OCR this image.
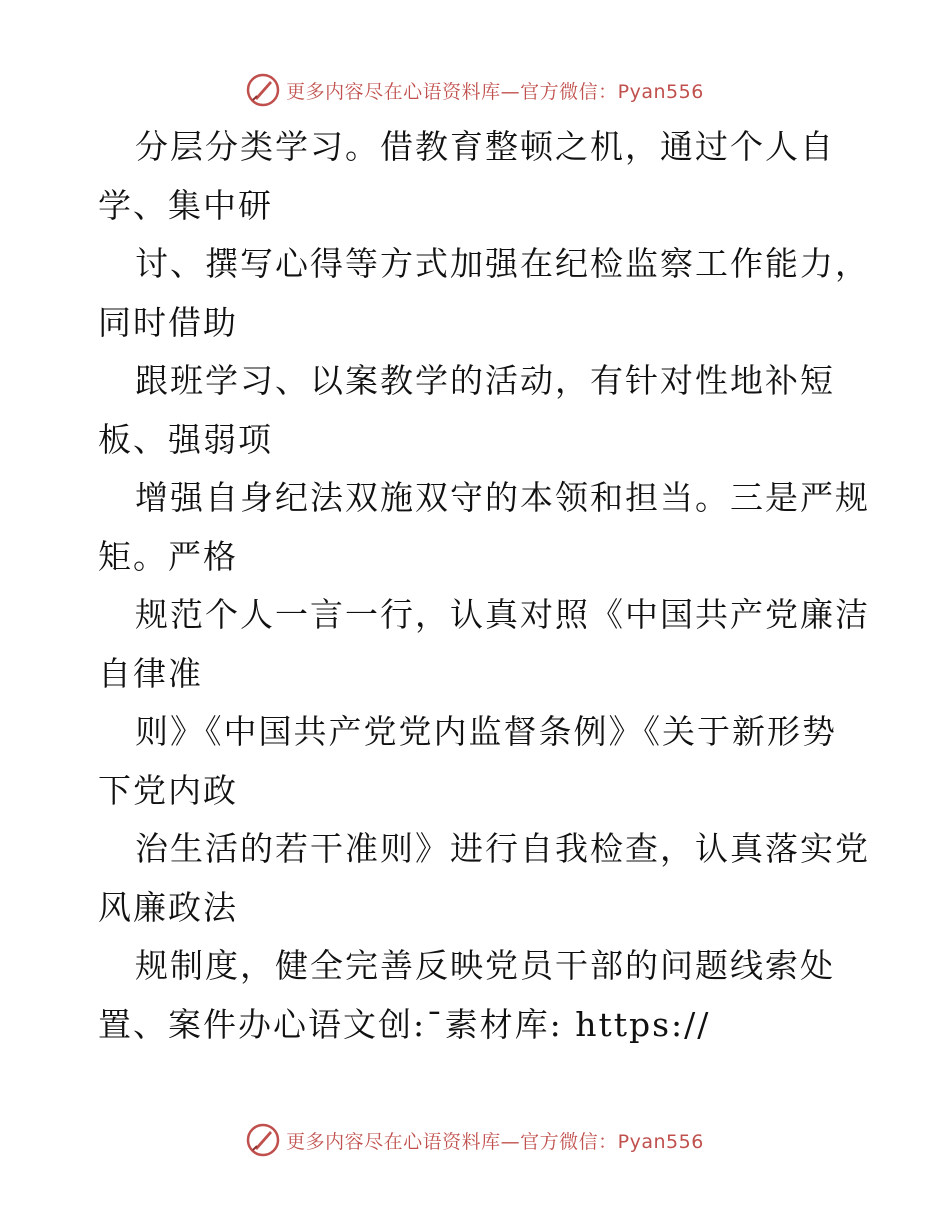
更多内容尽在心语资料库—官方微信：Pyan556
分层分类学习。借教育整顿之机，通过个人自
学、集中研
讨、撰写心得等方式加强在纪检监察工作能力，
同时借助
跟班学习、以案教学的活动，有针对性地补短
板、强弱项
增强自身纪法双施双守的本领和担当。三是严规
矩。严格
规范个人一言一行，认真对照《中国共产党廉洁
自律准
则》《中国共产党党内监督条例》《关于新形势
下党内政
治生活的若干准则》进行自我检查，认真落实党
风廉政法
规制度，健全完善反映党员干部的问题线索处
置、案件办心语文创:¯素材库: https://
更多内容尽在心语资料库—官方微信：Pyan556
